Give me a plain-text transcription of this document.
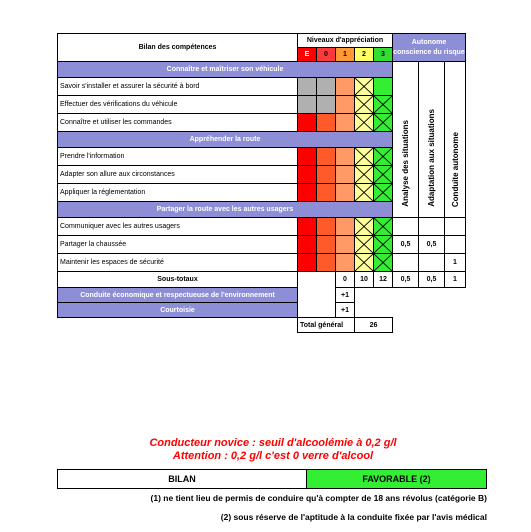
Bilan des compétences	Niveaux d'appréciation					Autonome conscience du risque		
	E	0	1	2	3			
Connaître et maîtriser son véhicule						Analyse des situations	Adaptation aux situations	Conduite autonome
Savoir s'installer et assurer la sécurité à bord				

Effectuer des vérifications du véhicule				

Connaître et utiliser les commandes				

Appréhender la route								
Prendre l'information				

Adapter son allure aux circonstances				

Appliquer la réglementation				

Partager la route avec les autres usagers								
Communiquer avec les autres usagers				

Partager la chaussée						0,5	0,5	
Maintenir les espaces de sécurité								1
Sous-totaux			0	10	12	0,5	0,5	1
Conduite économique et respectueuse de l'environnement			+1					
Courtoisie			+1					
	Total général			26				
Conducteur novice : seuil d'alcoolémie à 0,2 g/l
Attention : 0,2 g/l c'est 0 verre d'alcool
BILAN	FAVORABLE (2)
(1) ne tient lieu de permis de conduire qu'à compter de 18 ans révolus (catégorie B)
(2) sous réserve de l'aptitude à la conduite fixée par l'avis médical
